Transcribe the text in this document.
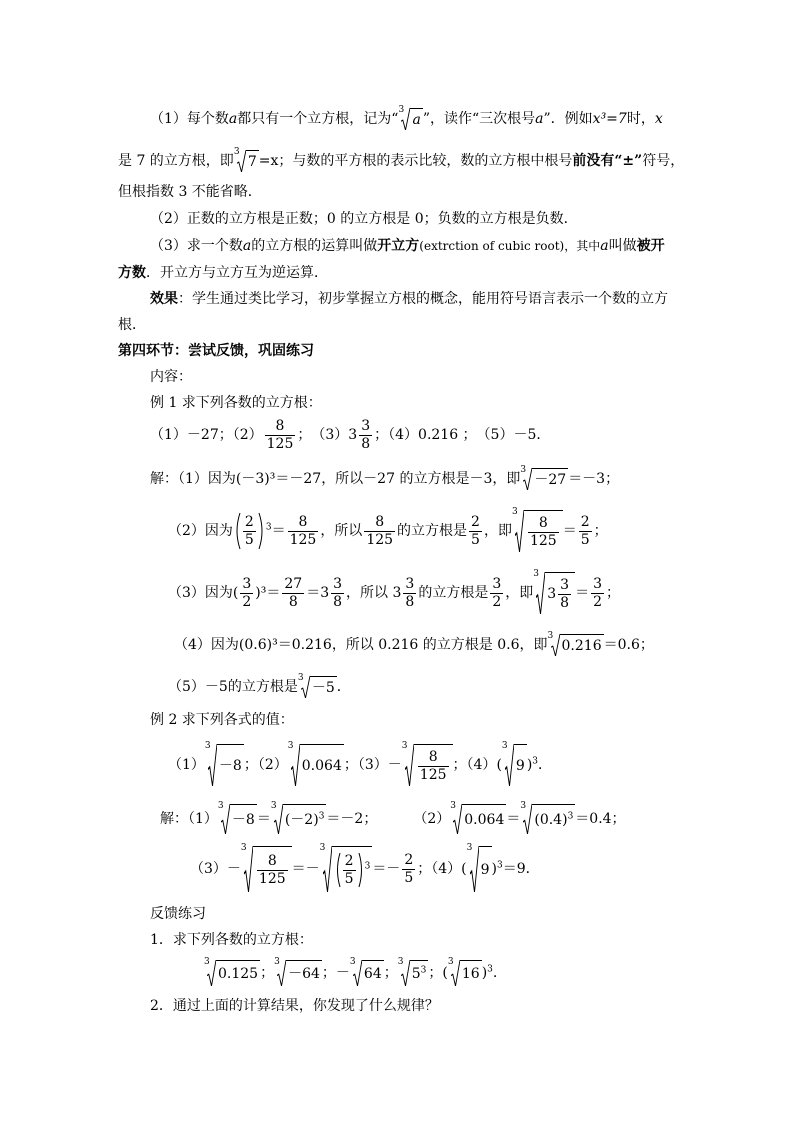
（1）每个数a都只有一个立方根，记为“
3
a ”，读作“三次根号a”．例如x³=7时，x
是 7 的立方根，即
3
7 =x；与数的平方根的表示比较，数的立方根中根号前没有“±”符号，
但根指数 3 不能省略．
（2）正数的立方根是正数；0 的立方根是 0；负数的立方根是负数．
（3）求一个数a的立方根的运算叫做开立方(extrction of cubic root)，其中a叫做被开
方数．开立方与立方互为逆运算．
效果：学生通过类比学习，初步掌握立方根的概念，能用符号语言表示一个数的立方
根．
第四环节：尝试反馈，巩固练习
内容：
例 1 求下列各数的立方根：
（1）－27；$(2) \frac{8}{125}$ ；　$(3)3 \frac{3}{8}$ ；（4）0.216 ；　（5）－5．
解：（1）因为(－3)³＝－27，所以－27 的立方根是－3，即
3
－27 ＝－3；
（2）因为 $\frac{2}{5} ^3= \frac{8}{125}$ ，所以 $\frac{8}{125}$ 的立方根是 $\frac{2}{5}$ ，即
3
$\frac{8}{125} = \frac{2}{5}$ ；
（3）因为( $\frac{3}{2} )^3= \frac{27}{8} =3 \frac{3}{8}$ ，所以 $3 \frac{3}{8}$ 的立方根是 $\frac{3}{2}$ ，即
3
$3 \frac{3}{8} = \frac{3}{2}$ ；
（4）因为(0.6)³＝0.216，所以 0.216 的立方根是 0.6，即
3
0.216 ＝0.6；
（5）－5的立方根是
3
－5 ．
例 2 求下列各式的值：
（1）
3
－8 ；（2）
3
0.064 ；（3）－
3
$\frac{8}{125}$ ；（4）(
3
9 )$^3$．
解：（1）
3
－8 ＝
3
$(-2)^3 =-2$；	（2）
3
0.064 ＝
3
$(0.4)^3 =0.4$；
（3）－
3
$\frac{8}{125}$ ＝－
3
$\frac{2}{5} ^3 =- \frac{2}{5}$ ；（4）(
3
9 )$^3$＝9．
反馈练习
1．求下列各数的立方根：
3
0.125 ；
3
－64 ；－
3
64 ；
3
$5^3$ ；(
3
16 )$^3$.
2．通过上面的计算结果，你发现了什么规律？
